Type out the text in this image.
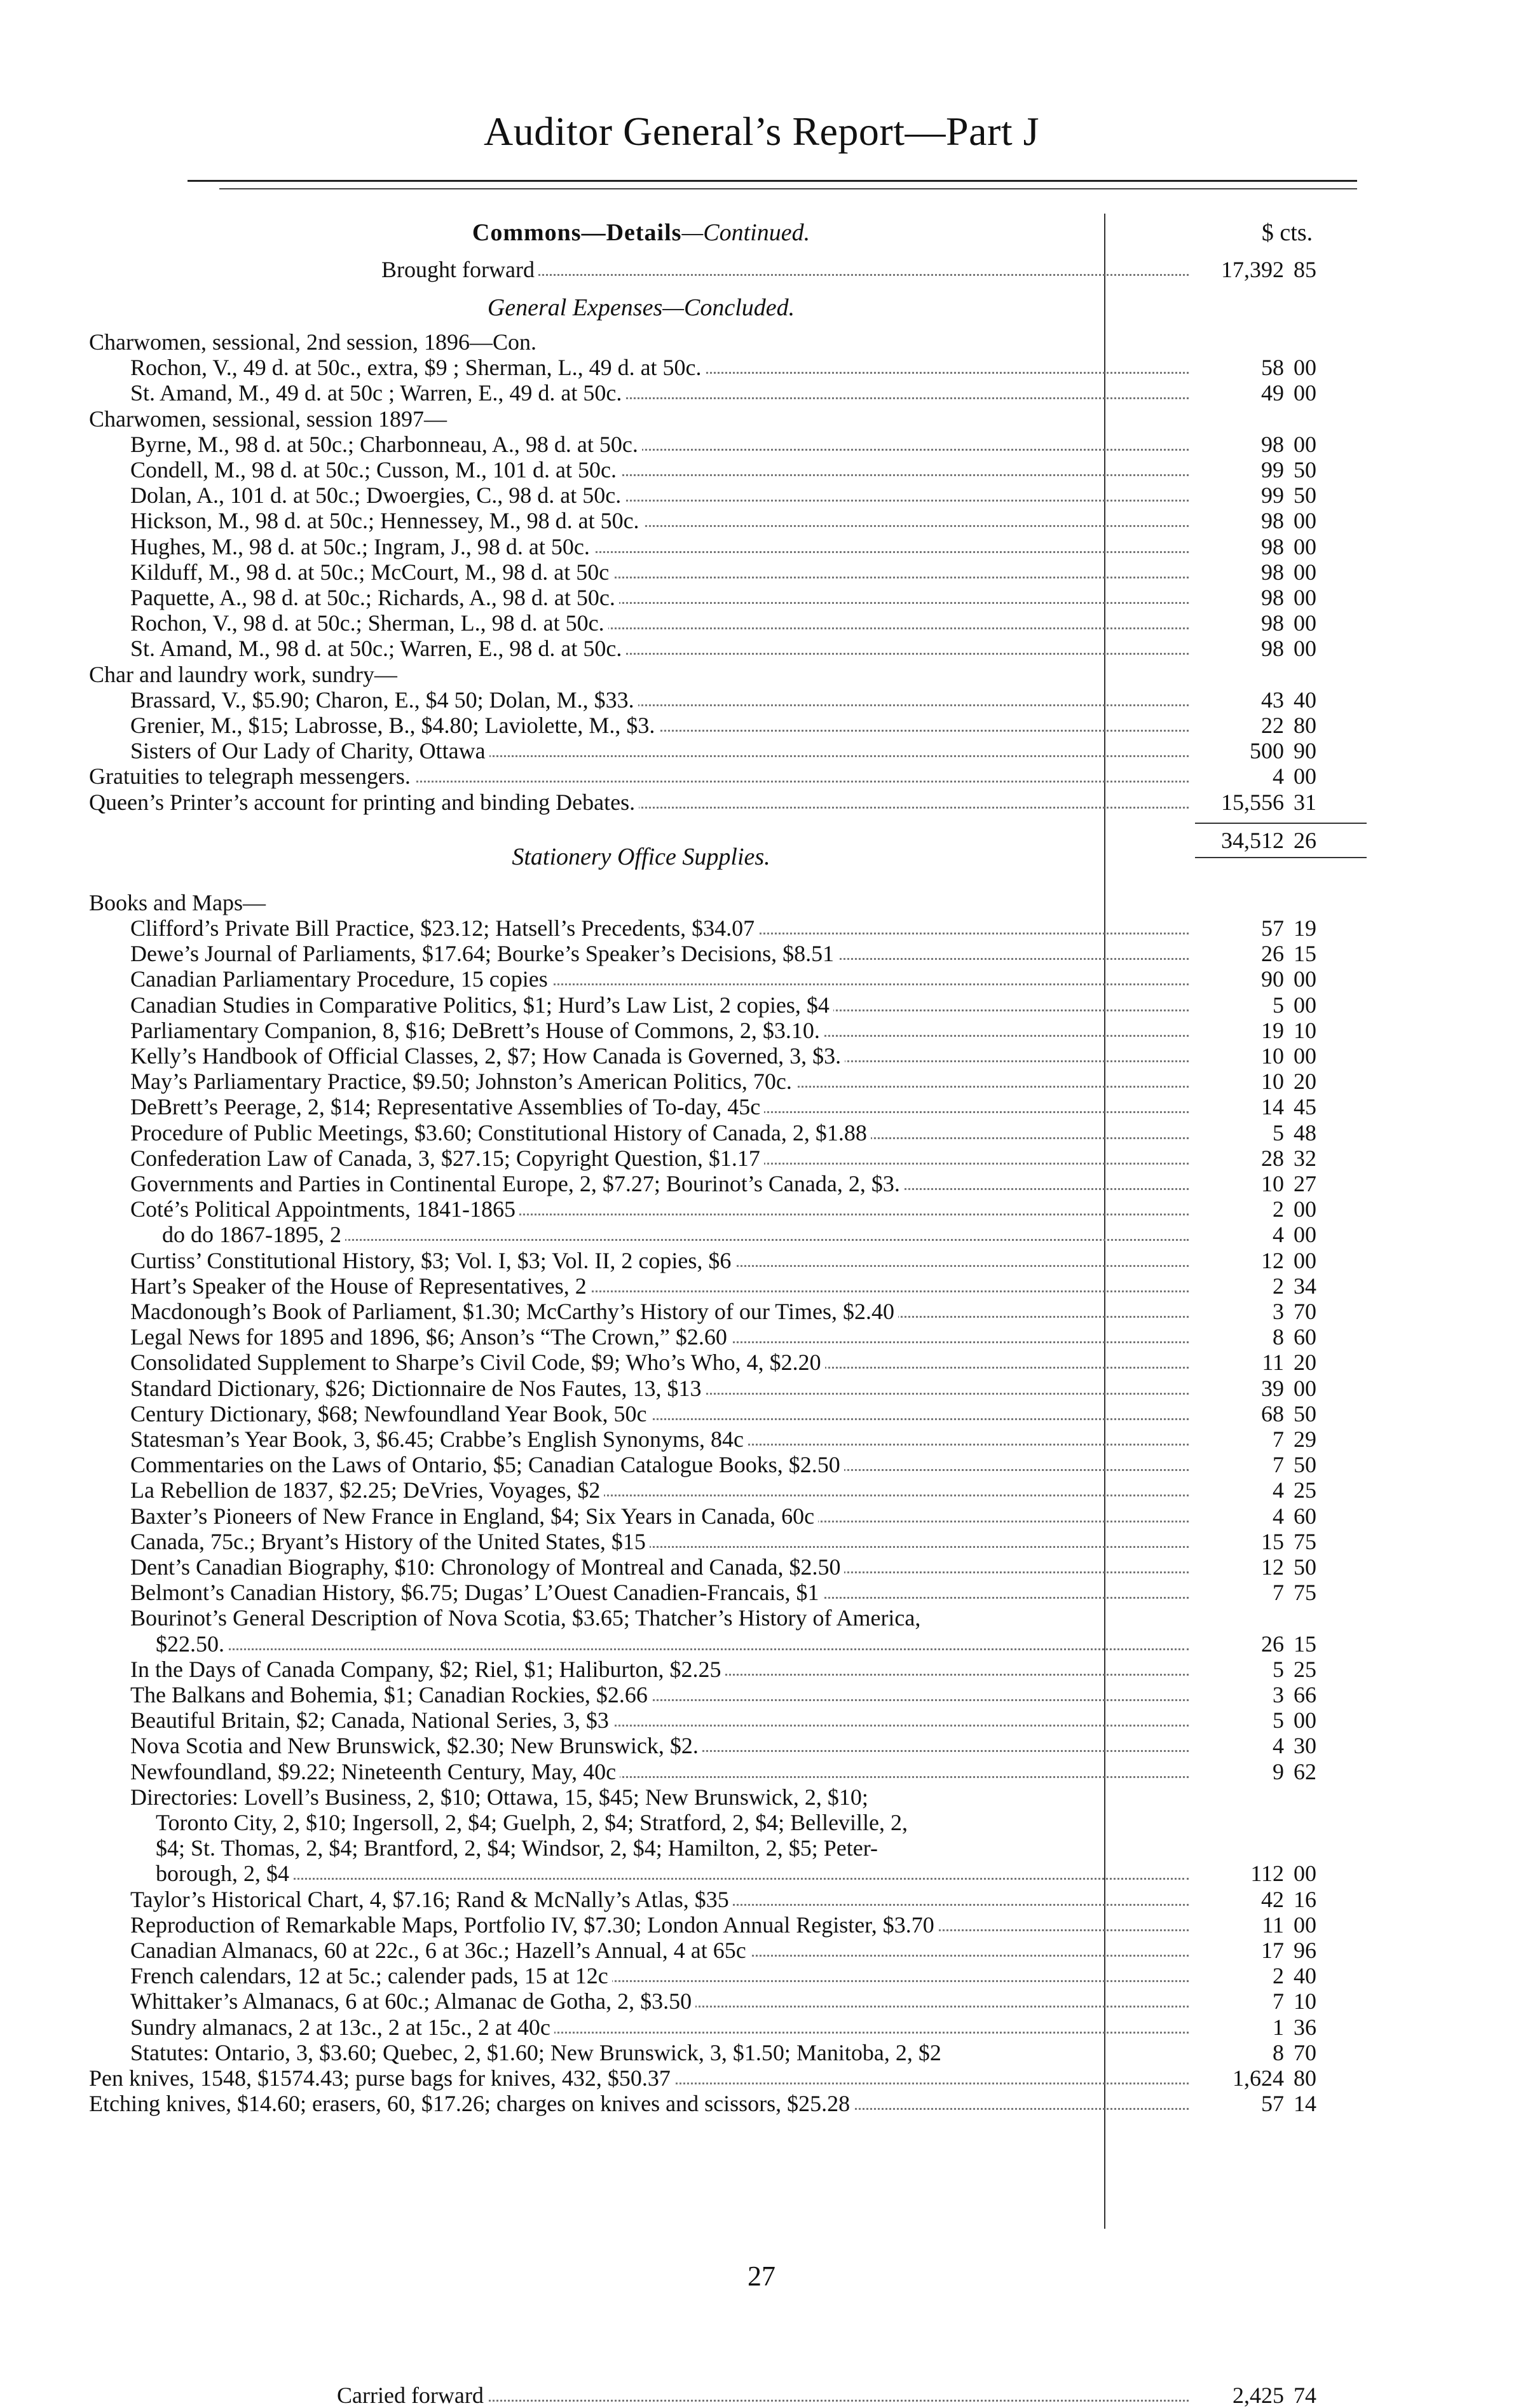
Auditor General’s Report—Part J
Commons—Details—Continued.	$ cts.
General Expenses—Concluded.
Stationery Office Supplies.
Brought forward	17,392 85
Charwomen, sessional, 2nd session, 1896—Con.
Rochon, V., 49 d. at 50c., extra, $9 ; Sherman, L., 49 d. at 50c.	58 00
St. Amand, M., 49 d. at 50c ; Warren, E., 49 d. at 50c.	49 00
Charwomen, sessional, session 1897—
Byrne, M., 98 d. at 50c.; Charbonneau, A., 98 d. at 50c.	98 00
Condell, M., 98 d. at 50c.; Cusson, M., 101 d. at 50c.	99 50
Dolan, A., 101 d. at 50c.; Dwoergies, C., 98 d. at 50c.	99 50
Hickson, M., 98 d. at 50c.; Hennessey, M., 98 d. at 50c.	98 00
Hughes, M., 98 d. at 50c.; Ingram, J., 98 d. at 50c.	98 00
Kilduff, M., 98 d. at 50c.; McCourt, M., 98 d. at 50c	98 00
Paquette, A., 98 d. at 50c.; Richards, A., 98 d. at 50c.	98 00
Rochon, V., 98 d. at 50c.; Sherman, L., 98 d. at 50c.	98 00
St. Amand, M., 98 d. at 50c.; Warren, E., 98 d. at 50c.	98 00
Char and laundry work, sundry—
Brassard, V., $5.90; Charon, E., $4 50; Dolan, M., $33.	43 40
Grenier, M., $15; Labrosse, B., $4.80; Laviolette, M., $3.	22 80
Sisters of Our Lady of Charity, Ottawa	500 90
Gratuities to telegraph messengers.	4 00
Queen’s Printer’s account for printing and binding Debates.	15,556 31
34,512 26
Books and Maps—
Clifford’s Private Bill Practice, $23.12; Hatsell’s Precedents, $34.07	57 19
Dewe’s Journal of Parliaments, $17.64; Bourke’s Speaker’s Decisions, $8.51	26 15
Canadian Parliamentary Procedure, 15 copies	90 00
Canadian Studies in Comparative Politics, $1; Hurd’s Law List, 2 copies, $4	5 00
Parliamentary Companion, 8, $16; DeBrett’s House of Commons, 2, $3.10.	19 10
Kelly’s Handbook of Official Classes, 2, $7; How Canada is Governed, 3, $3.	10 00
May’s Parliamentary Practice, $9.50; Johnston’s American Politics, 70c.	10 20
DeBrett’s Peerage, 2, $14; Representative Assemblies of To-day, 45c	14 45
Procedure of Public Meetings, $3.60; Constitutional History of Canada, 2, $1.88	5 48
Confederation Law of Canada, 3, $27.15; Copyright Question, $1.17	28 32
Governments and Parties in Continental Europe, 2, $7.27; Bourinot’s Canada, 2, $3.	10 27
Coté’s Political Appointments, 1841-1865	2 00
do do 1867-1895, 2	4 00
Curtiss’ Constitutional History, $3; Vol. I, $3; Vol. II, 2 copies, $6	12 00
Hart’s Speaker of the House of Representatives, 2	2 34
Macdonough’s Book of Parliament, $1.30; McCarthy’s History of our Times, $2.40	3 70
Legal News for 1895 and 1896, $6; Anson’s “The Crown,” $2.60	8 60
Consolidated Supplement to Sharpe’s Civil Code, $9; Who’s Who, 4, $2.20	11 20
Standard Dictionary, $26; Dictionnaire de Nos Fautes, 13, $13	39 00
Century Dictionary, $68; Newfoundland Year Book, 50c	68 50
Statesman’s Year Book, 3, $6.45; Crabbe’s English Synonyms, 84c	7 29
Commentaries on the Laws of Ontario, $5; Canadian Catalogue Books, $2.50	7 50
La Rebellion de 1837, $2.25; DeVries, Voyages, $2	4 25
Baxter’s Pioneers of New France in England, $4; Six Years in Canada, 60c	4 60
Canada, 75c.; Bryant’s History of the United States, $15	15 75
Dent’s Canadian Biography, $10: Chronology of Montreal and Canada, $2.50	12 50
Belmont’s Canadian History, $6.75; Dugas’ L’Ouest Canadien-Francais, $1	7 75
Bourinot’s General Description of Nova Scotia, $3.65; Thatcher’s History of America,
$22.50.	26 15
In the Days of Canada Company, $2; Riel, $1; Haliburton, $2.25	5 25
The Balkans and Bohemia, $1; Canadian Rockies, $2.66	3 66
Beautiful Britain, $2; Canada, National Series, 3, $3	5 00
Nova Scotia and New Brunswick, $2.30; New Brunswick, $2.	4 30
Newfoundland, $9.22; Nineteenth Century, May, 40c	9 62
Directories: Lovell’s Business, 2, $10; Ottawa, 15, $45; New Brunswick, 2, $10;
Toronto City, 2, $10; Ingersoll, 2, $4; Guelph, 2, $4; Stratford, 2, $4; Belleville, 2,
$4; St. Thomas, 2, $4; Brantford, 2, $4; Windsor, 2, $4; Hamilton, 2, $5; Peter-
borough, 2, $4	112 00
Taylor’s Historical Chart, 4, $7.16; Rand & McNally’s Atlas, $35	42 16
Reproduction of Remarkable Maps, Portfolio IV, $7.30; London Annual Register, $3.70	11 00
Canadian Almanacs, 60 at 22c., 6 at 36c.; Hazell’s Annual, 4 at 65c	17 96
French calendars, 12 at 5c.; calender pads, 15 at 12c	2 40
Whittaker’s Almanacs, 6 at 60c.; Almanac de Gotha, 2, $3.50	7 10
Sundry almanacs, 2 at 13c., 2 at 15c., 2 at 40c	1 36
Statutes: Ontario, 3, $3.60; Quebec, 2, $1.60; New Brunswick, 3, $1.50; Manitoba, 2, $2	8 70
Pen knives, 1548, $1574.43; purse bags for knives, 432, $50.37	1,624 80
Etching knives, $14.60; erasers, 60, $17.26; charges on knives and scissors, $25.28	57 14
Carried forward	2,425 74
27
